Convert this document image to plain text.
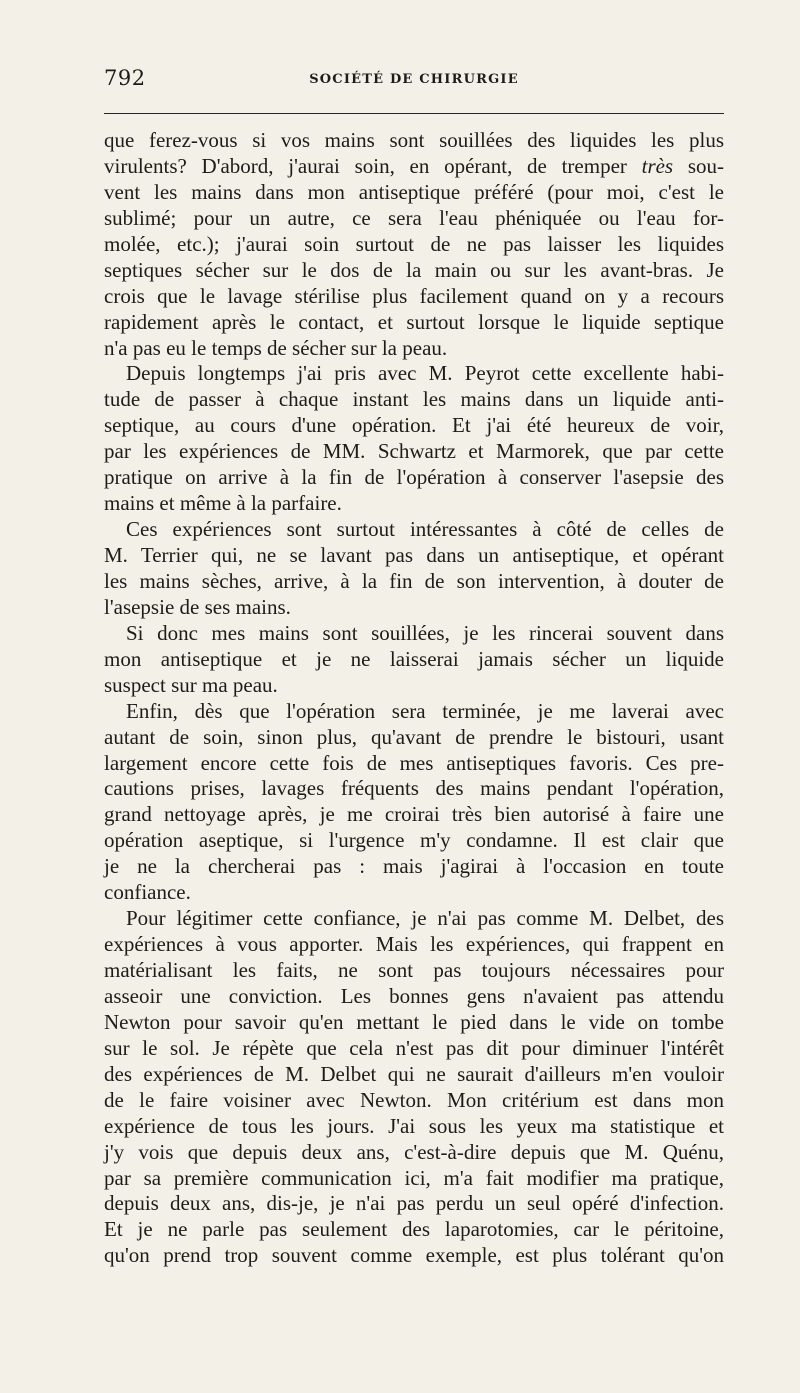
792	SOCIÉTÉ DE CHIRURGIE
que ferez-vous si vos mains sont souillées des liquides les plus
virulents? D'abord, j'aurai soin, en opérant, de tremper très sou-
vent les mains dans mon antiseptique préféré (pour moi, c'est le
sublimé; pour un autre, ce sera l'eau phéniquée ou l'eau for-
molée, etc.); j'aurai soin surtout de ne pas laisser les liquides
septiques sécher sur le dos de la main ou sur les avant-bras. Je
crois que le lavage stérilise plus facilement quand on y a recours
rapidement après le contact, et surtout lorsque le liquide septique
n'a pas eu le temps de sécher sur la peau.
Depuis longtemps j'ai pris avec M. Peyrot cette excellente habi-
tude de passer à chaque instant les mains dans un liquide anti-
septique, au cours d'une opération. Et j'ai été heureux de voir,
par les expériences de MM. Schwartz et Marmorek, que par cette
pratique on arrive à la fin de l'opération à conserver l'asepsie des
mains et même à la parfaire.
Ces expériences sont surtout intéressantes à côté de celles de
M. Terrier qui, ne se lavant pas dans un antiseptique, et opérant
les mains sèches, arrive, à la fin de son intervention, à douter de
l'asepsie de ses mains.
Si donc mes mains sont souillées, je les rincerai souvent dans
mon antiseptique et je ne laisserai jamais sécher un liquide
suspect sur ma peau.
Enfin, dès que l'opération sera terminée, je me laverai avec
autant de soin, sinon plus, qu'avant de prendre le bistouri, usant
largement encore cette fois de mes antiseptiques favoris. Ces pre-
cautions prises, lavages fréquents des mains pendant l'opération,
grand nettoyage après, je me croirai très bien autorisé à faire une
opération aseptique, si l'urgence m'y condamne. Il est clair que
je ne la chercherai pas : mais j'agirai à l'occasion en toute
confiance.
Pour légitimer cette confiance, je n'ai pas comme M. Delbet, des
expériences à vous apporter. Mais les expériences, qui frappent en
matérialisant les faits, ne sont pas toujours nécessaires pour
asseoir une conviction. Les bonnes gens n'avaient pas attendu
Newton pour savoir qu'en mettant le pied dans le vide on tombe
sur le sol. Je répète que cela n'est pas dit pour diminuer l'intérêt
des expériences de M. Delbet qui ne saurait d'ailleurs m'en vouloir
de le faire voisiner avec Newton. Mon critérium est dans mon
expérience de tous les jours. J'ai sous les yeux ma statistique et
j'y vois que depuis deux ans, c'est-à-dire depuis que M. Quénu,
par sa première communication ici, m'a fait modifier ma pratique,
depuis deux ans, dis-je, je n'ai pas perdu un seul opéré d'infection.
Et je ne parle pas seulement des laparotomies, car le péritoine,
qu'on prend trop souvent comme exemple, est plus tolérant qu'on
